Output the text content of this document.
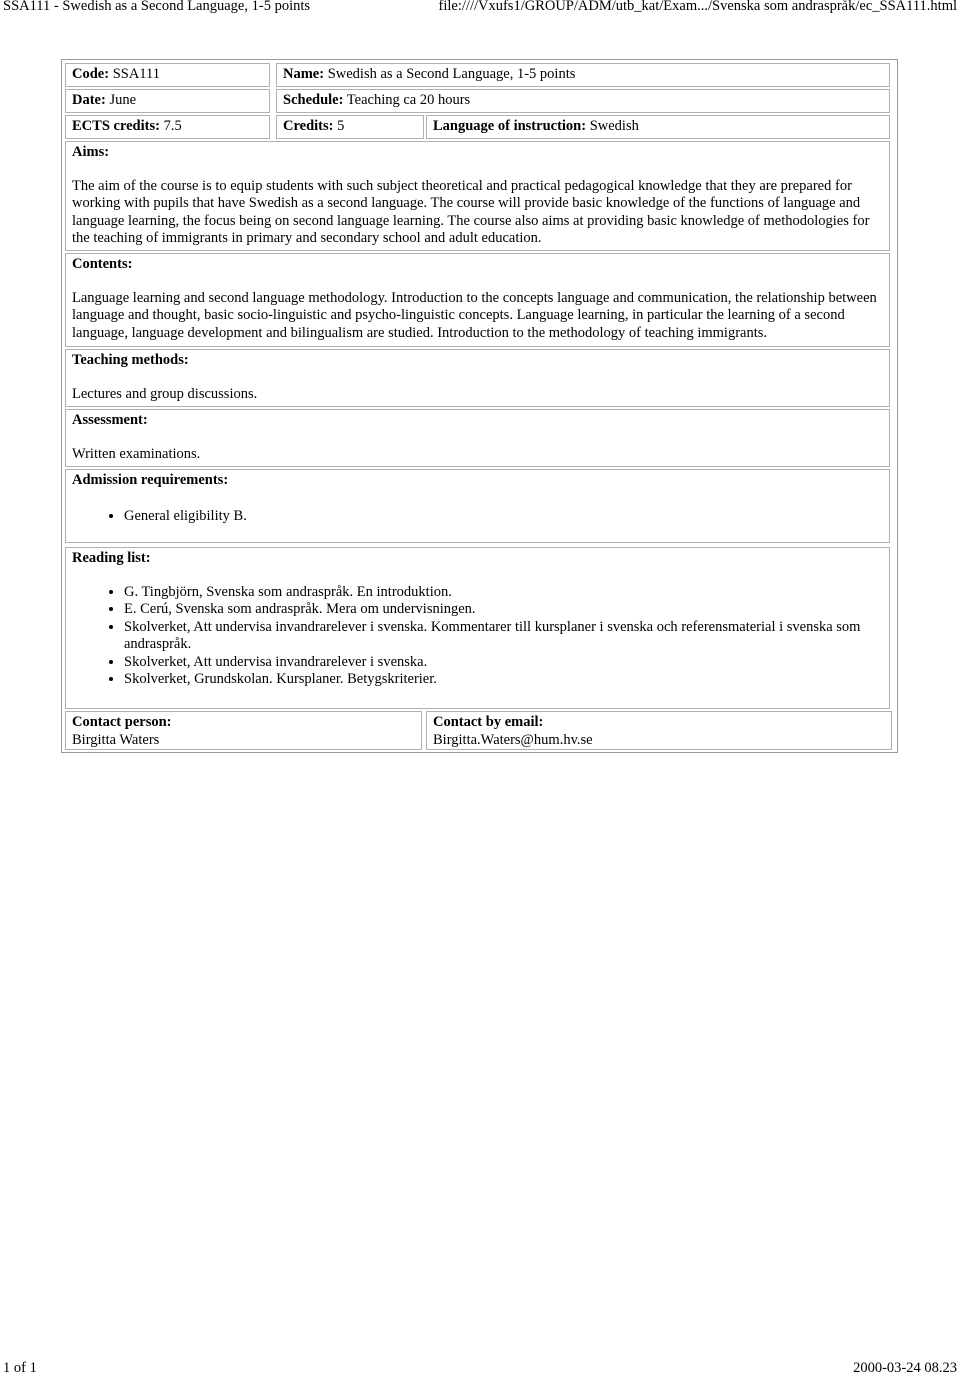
SSA111 - Swedish as a Second Language, 1-5 points	file:////Vxufs1/GROUP/ADM/utb_kat/Exam.../Svenska som andraspråk/ec_SSA111.html
Code: SSA111	Name: Swedish as a Second Language, 1-5 points
Date: June	Schedule: Teaching ca 20 hours
ECTS credits: 7.5	Credits: 5	Language of instruction: Swedish
Aims:

The aim of the course is to equip students with such subject theoretical and practical pedagogical knowledge that they are prepared for working with pupils that have Swedish as a second language. The course will provide basic knowledge of the functions of language and language learning, the focus being on second language learning. The course also aims at providing basic knowledge of methodologies for the teaching of immigrants in primary and secondary school and adult education.

Contents:

Language learning and second language methodology. Introduction to the concepts language and communication, the relationship between language and thought, basic socio-linguistic and psycho-linguistic concepts. Language learning, in particular the learning of a second language, language development and bilingualism are studied. Introduction to the methodology of teaching immigrants.

Teaching methods:

Lectures and group discussions.

Assessment:

Written examinations.

Admission requirements:
• General eligibility B.
Reading list:
• G. Tingbjörn, Svenska som andraspråk. En introduktion.
• E. Cerú, Svenska som andraspråk. Mera om undervisningen.
• Skolverket, Att undervisa invandrarelever i svenska. Kommentarer till kursplaner i svenska och referensmaterial i svenska som andraspråk.
• Skolverket, Att undervisa invandrarelever i svenska.
• Skolverket, Grundskolan. Kursplaner. Betygskriterier.
Contact person:
Birgitta Waters
Contact by email:
Birgitta.Waters@hum.hv.se
1 of 1	2000-03-24 08.23
